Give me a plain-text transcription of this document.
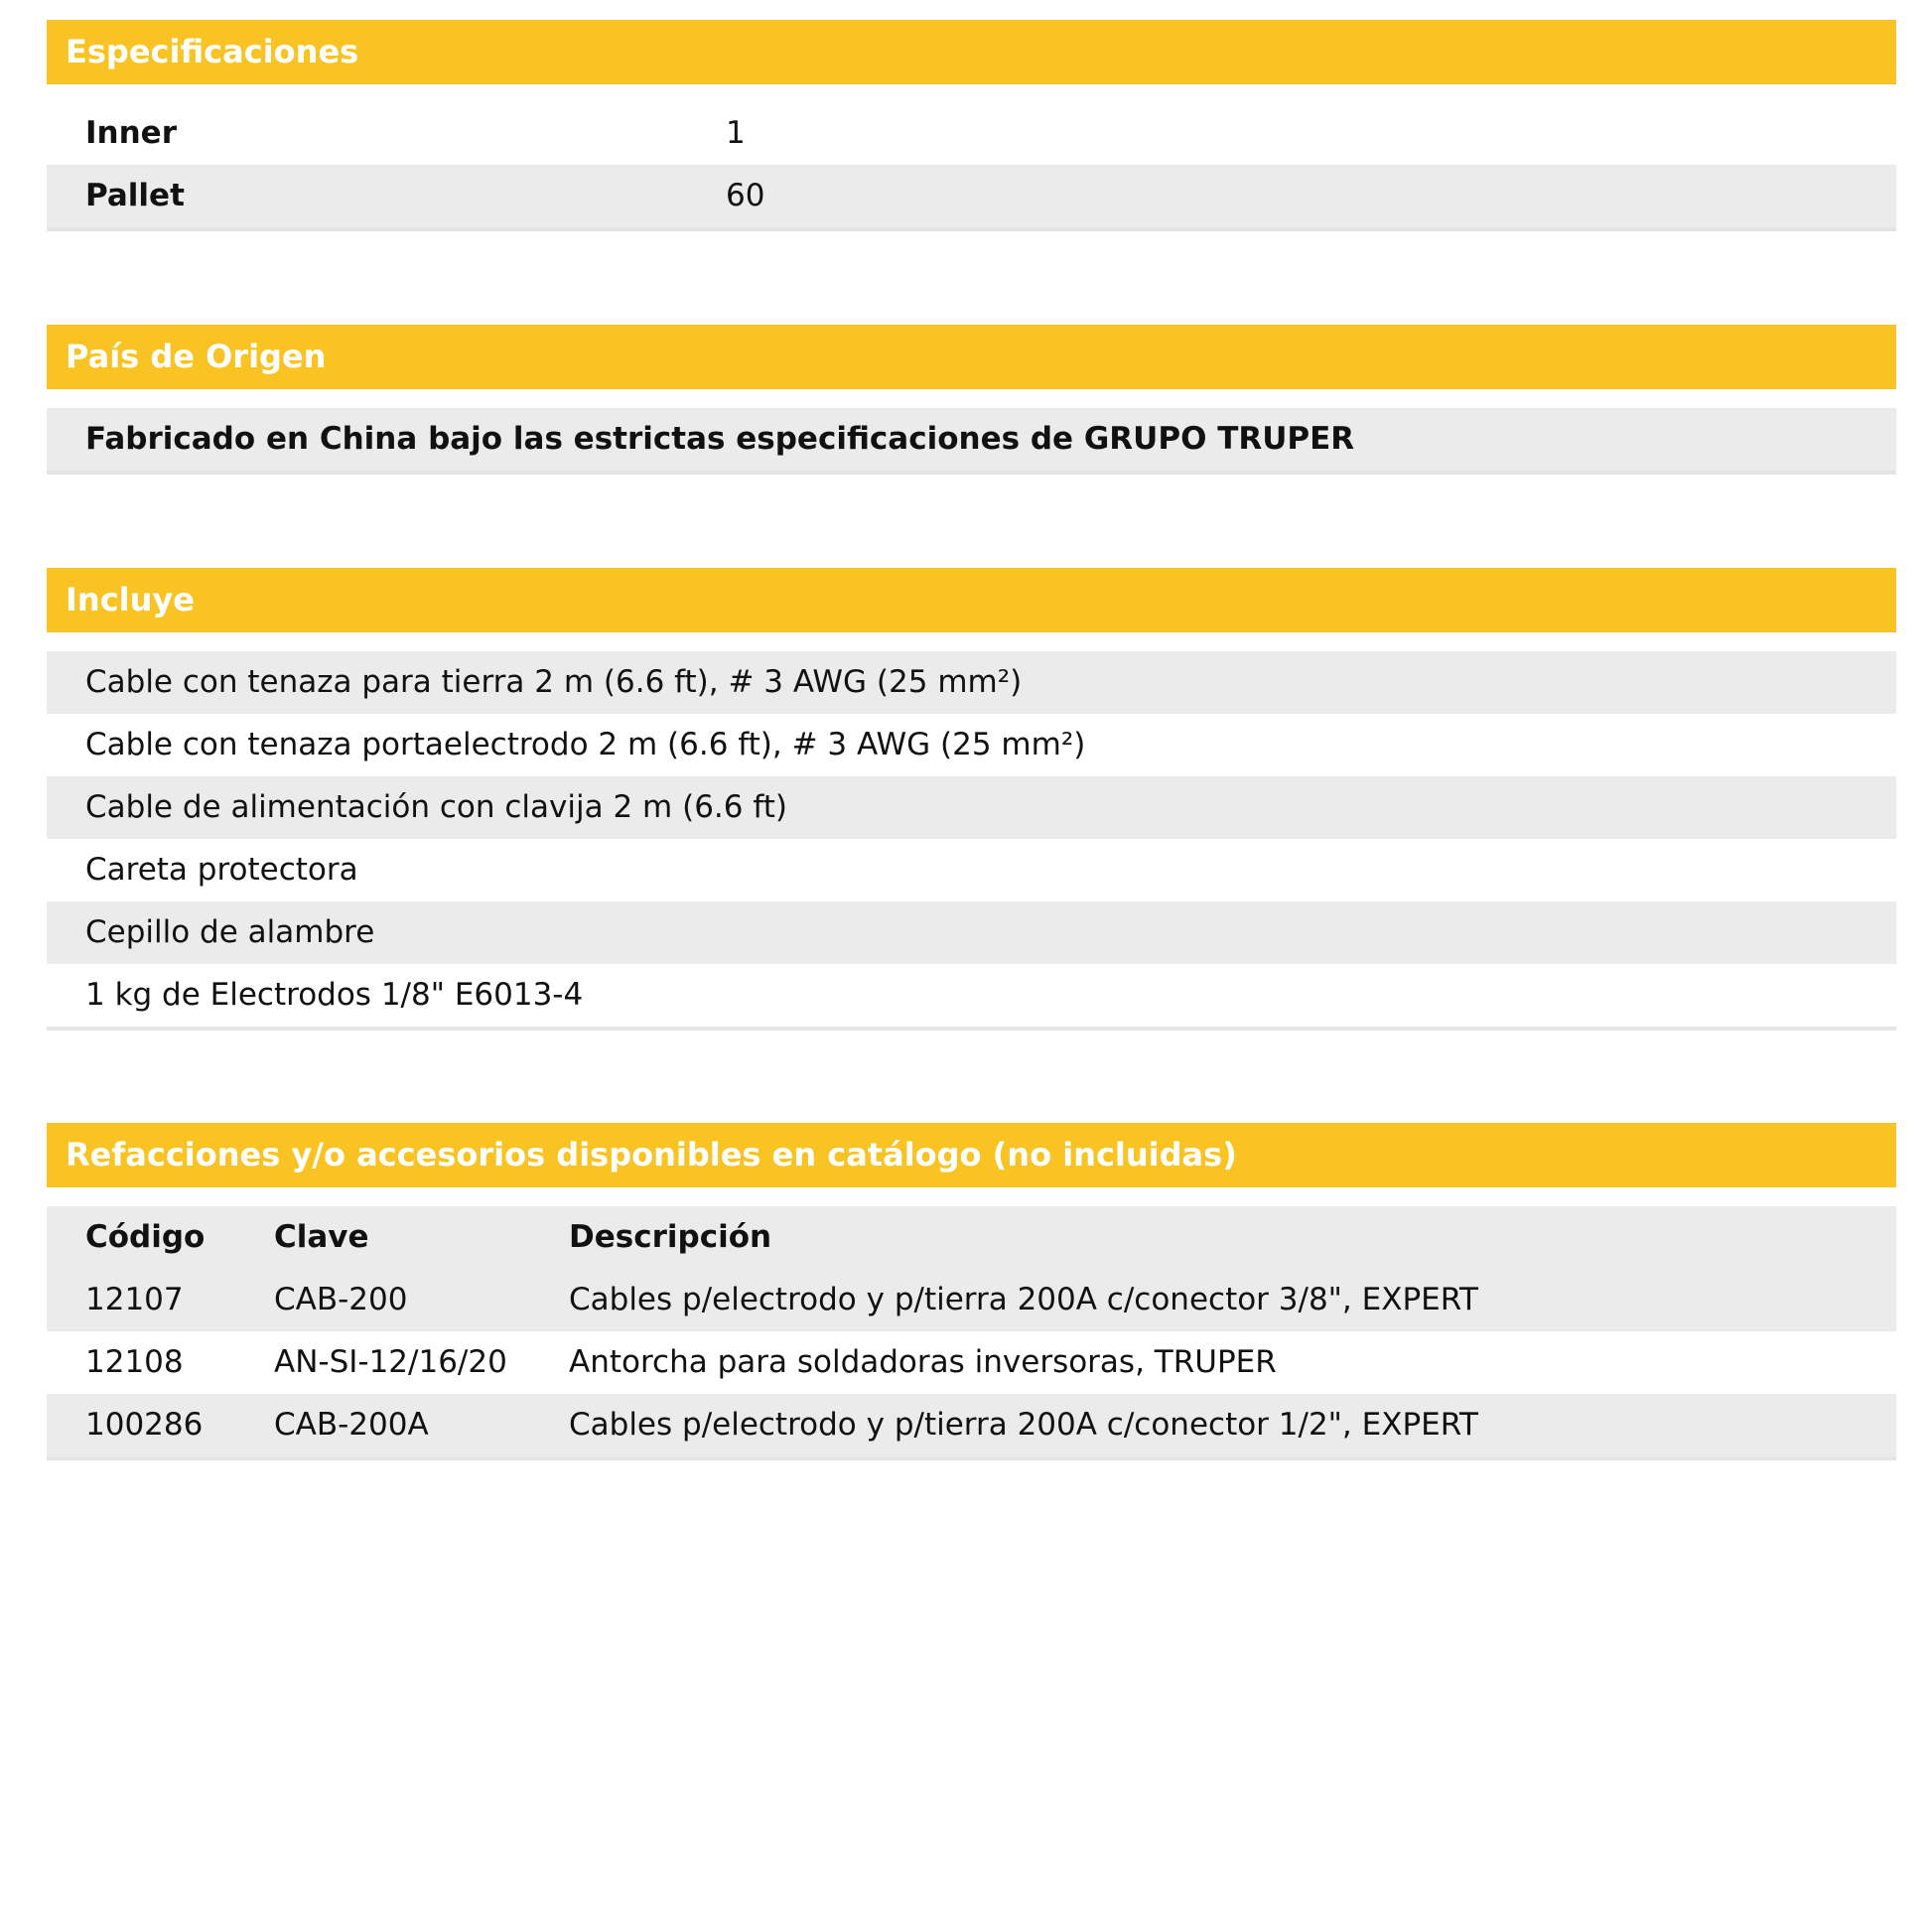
Especificaciones
Inner	1
Pallet	60
País de Origen
Fabricado en China bajo las estrictas especificaciones de GRUPO TRUPER
Incluye
Cable con tenaza para tierra 2 m (6.6 ft), # 3 AWG (25 mm²)
Cable con tenaza portaelectrodo 2 m (6.6 ft), # 3 AWG (25 mm²)
Cable de alimentación con clavija 2 m (6.6 ft)
Careta protectora
Cepillo de alambre
1 kg de Electrodos 1/8" E6013-4
Refacciones y/o accesorios disponibles en catálogo (no incluidas)
Código	Clave	Descripción
12107	CAB-200	Cables p/electrodo y p/tierra 200A c/conector 3/8", EXPERT
12108	AN-SI-12/16/20	Antorcha para soldadoras inversoras, TRUPER
100286	CAB-200A	Cables p/electrodo y p/tierra 200A c/conector 1/2", EXPERT
